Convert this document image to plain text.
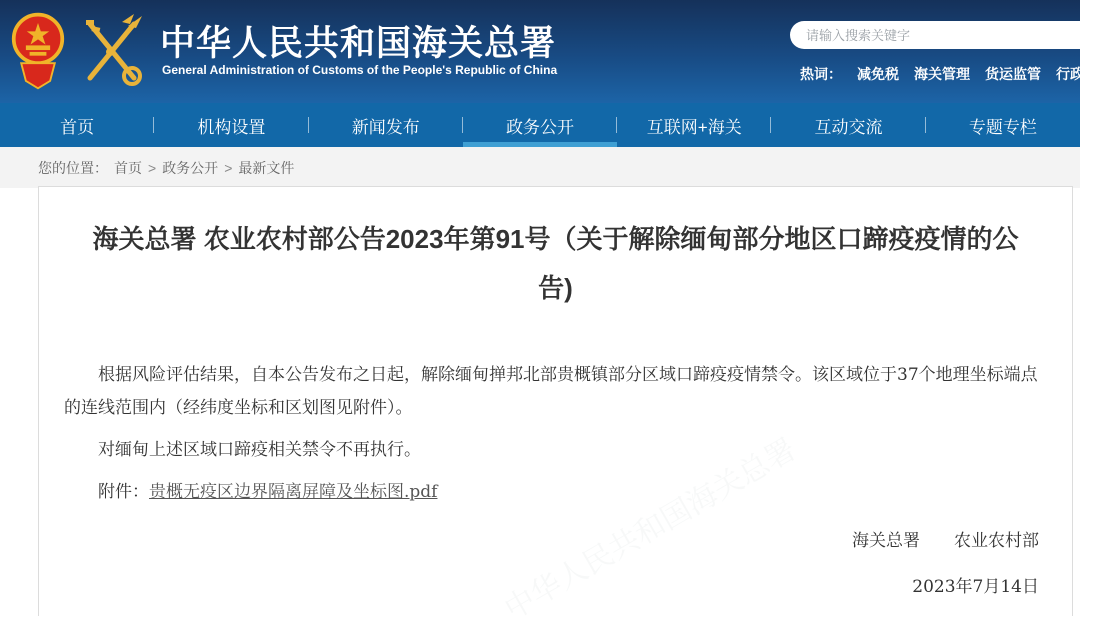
中华人民共和国海关总署
General Administration of Customs of the People's Republic of China
请输入搜索关键字	热词： 减免税 海关管理 货运监管 行政监管
首页	机构设置	新闻发布	政务公开	互联网+海关	互动交流	专题专栏
您的位置： 首页 > 政务公开 > 最新文件
中华人民共和国海关总署
海关总署 农业农村部公告2023年第91号（关于解除缅甸部分地区口蹄疫疫情的公告)

根据风险评估结果，自本公告发布之日起，解除缅甸掸邦北部贵概镇部分区域口蹄疫疫情禁令。该区域位于37个地理坐标端点的连线范围内（经纬度坐标和区划图见附件）。

对缅甸上述区域口蹄疫相关禁令不再执行。

附件：贵概无疫区边界隔离屏障及坐标图.pdf
海关总署　　农业农村部
2023年7月14日
